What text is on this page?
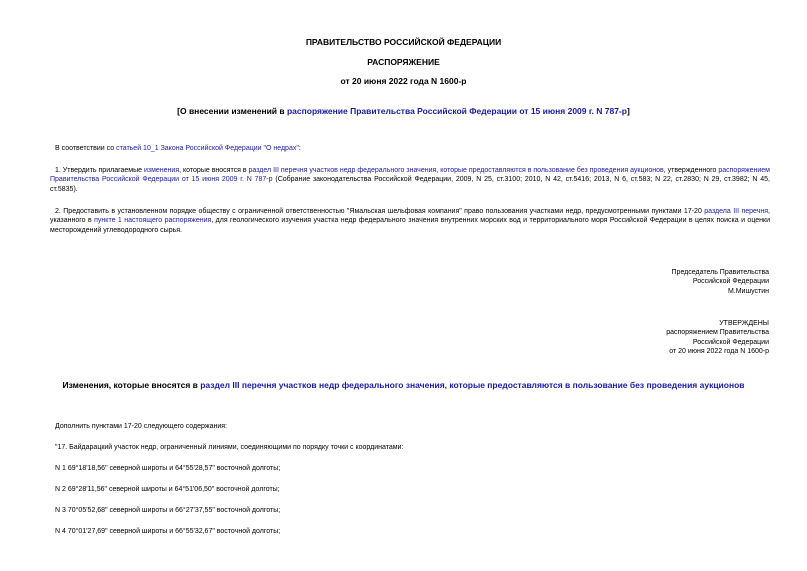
ПРАВИТЕЛЬСТВО РОССИЙСКОЙ ФЕДЕРАЦИИ
РАСПОРЯЖЕНИЕ
от 20 июня 2022 года N 1600-р
[О внесении изменений в распоряжение Правительства Российской Федерации от 15 июня 2009 г. N 787-р]
В соответствии со статьей 10_1 Закона Российской Федерации "О недрах":
1. Утвердить прилагаемые изменения, которые вносятся в раздел III перечня участков недр федерального значения, которые предоставляются в пользование без проведения аукционов, утвержденного распоряжением Правительства Российской Федерации от 15 июня 2009 г. N 787-р (Собрание законодательства Российской Федерации, 2009, N 25, ст.3100; 2010, N 42, ст.5416; 2013, N 6, ст.583; N 22, ст.2830; N 29, ст.3982; N 45, ст.5835).
2. Предоставить в установленном порядке обществу с ограниченной ответственностью "Ямальская шельфовая компания" право пользования участками недр, предусмотренными пунктами 17-20 раздела III перечня, указанного в пункте 1 настоящего распоряжения, для геологического изучения участка недр федерального значения внутренних морских вод и территориального моря Российской Федерации в целях поиска и оценки месторождений углеводородного сырья.
Председатель Правительства
Российской Федерации
М.Мишустин
УТВЕРЖДЕНЫ
распоряжением Правительства
Российской Федерации
от 20 июня 2022 года N 1600-р
Изменения, которые вносятся в раздел III перечня участков недр федерального значения, которые предоставляются в пользование без проведения аукционов
Дополнить пунктами 17-20 следующего содержания:
"17. Байдарацкий участок недр, ограниченный линиями, соединяющими по порядку точки с координатами:
N 1 69°18'18,56" северной широты и 64°55'28,57" восточной долготы;
N 2 69°28'11,56" северной широты и 64°51'06,50" восточной долготы;
N 3 70°05'52,68" северной широты и 66°27'37,55" восточной долготы;
N 4 70°01'27,69" северной широты и 66°55'32,67" восточной долготы;
